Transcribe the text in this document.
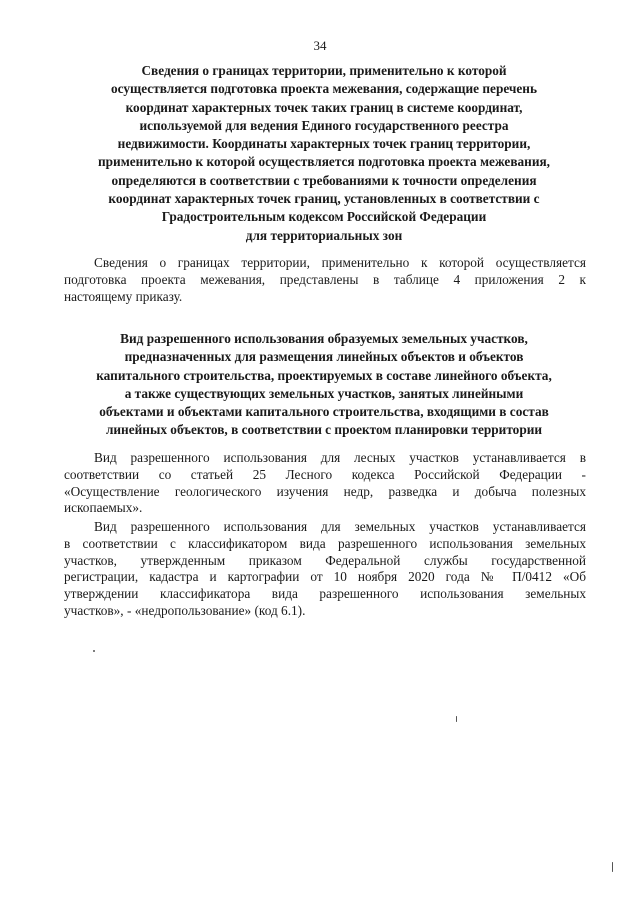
34
Сведения о границах территории, применительно к которой
осуществляется подготовка проекта межевания, содержащие перечень
координат характерных точек таких границ в системе координат,
используемой для ведения Единого государственного реестра
недвижимости. Координаты характерных точек границ территории,
применительно к которой осуществляется подготовка проекта межевания,
определяются в соответствии с требованиями к точности определения
координат характерных точек границ, установленных в соответствии с
Градостроительным кодексом Российской Федерации
для территориальных зон
Сведения о границах территории, применительно к которой осуществляется
подготовка проекта межевания, представлены в таблице 4 приложения 2 к
настоящему приказу.
Вид разрешенного использования образуемых земельных участков,
предназначенных для размещения линейных объектов и объектов
капитального строительства, проектируемых в составе линейного объекта,
а также существующих земельных участков, занятых линейными
объектами и объектами капитального строительства, входящими в состав
линейных объектов, в соответствии с проектом планировки территории
Вид разрешенного использования для лесных участков устанавливается в
соответствии со статьей 25 Лесного кодекса Российской Федерации -
«Осуществление геологического изучения недр, разведка и добыча полезных
ископаемых».
Вид разрешенного использования для земельных участков устанавливается
в соответствии с классификатором вида разрешенного использования земельных
участков, утвержденным приказом Федеральной службы государственной
регистрации, кадастра и картографии от 10 ноября 2020 года № П/0412 «Об
утверждении классификатора вида разрешенного использования земельных
участков», - «недропользование» (код 6.1).
